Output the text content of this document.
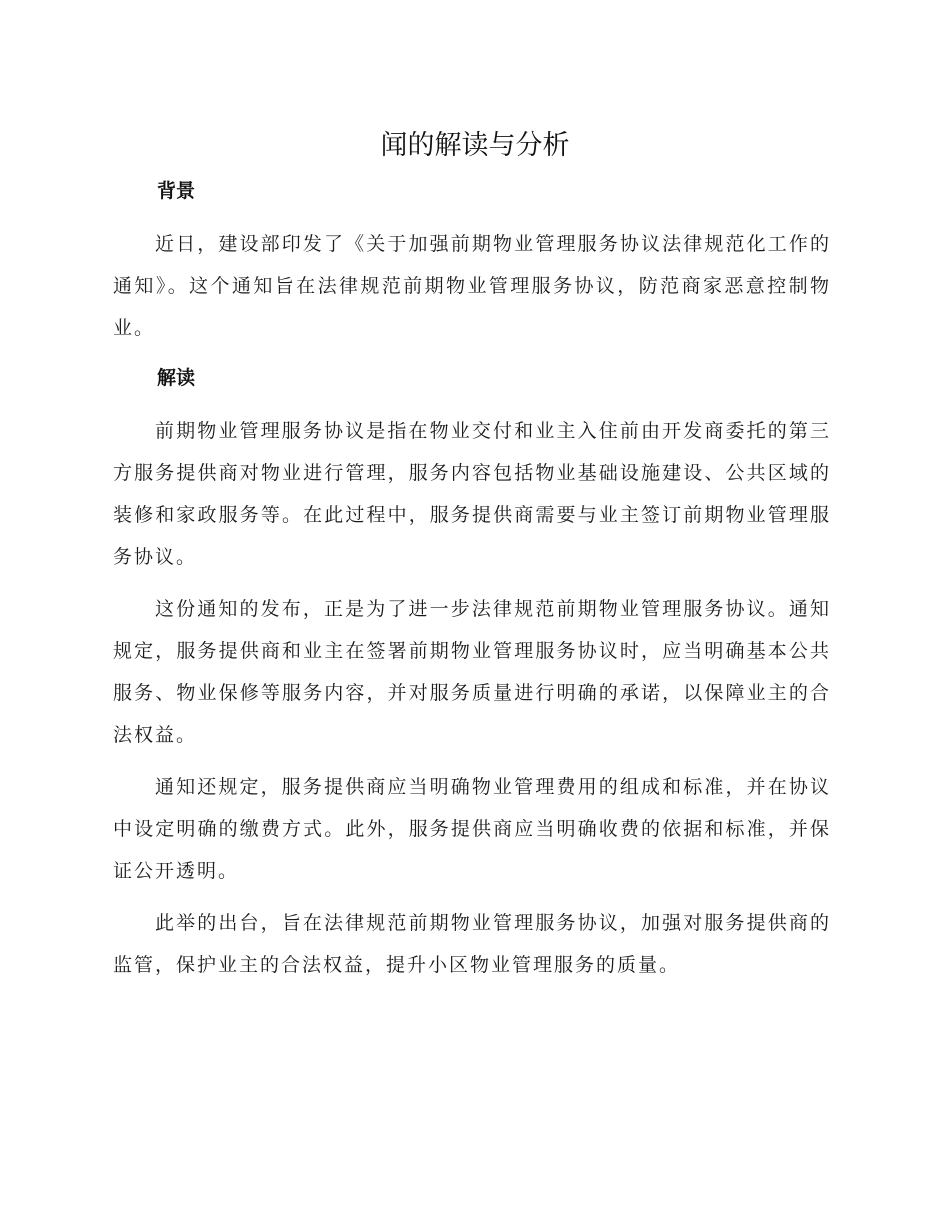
闻的解读与分析
背景

近日，建设部印发了《关于加强前期物业管理服务协议法律规范化工作的通知》。这个通知旨在法律规范前期物业管理服务协议，防范商家恶意控制物业。

解读

前期物业管理服务协议是指在物业交付和业主入住前由开发商委托的第三方服务提供商对物业进行管理，服务内容包括物业基础设施建设、公共区域的装修和家政服务等。在此过程中，服务提供商需要与业主签订前期物业管理服务协议。

这份通知的发布，正是为了进一步法律规范前期物业管理服务协议。通知规定，服务提供商和业主在签署前期物业管理服务协议时，应当明确基本公共服务、物业保修等服务内容，并对服务质量进行明确的承诺，以保障业主的合法权益。

通知还规定，服务提供商应当明确物业管理费用的组成和标准，并在协议中设定明确的缴费方式。此外，服务提供商应当明确收费的依据和标准，并保证公开透明。

此举的出台，旨在法律规范前期物业管理服务协议，加强对服务提供商的监管，保护业主的合法权益，提升小区物业管理服务的质量。
